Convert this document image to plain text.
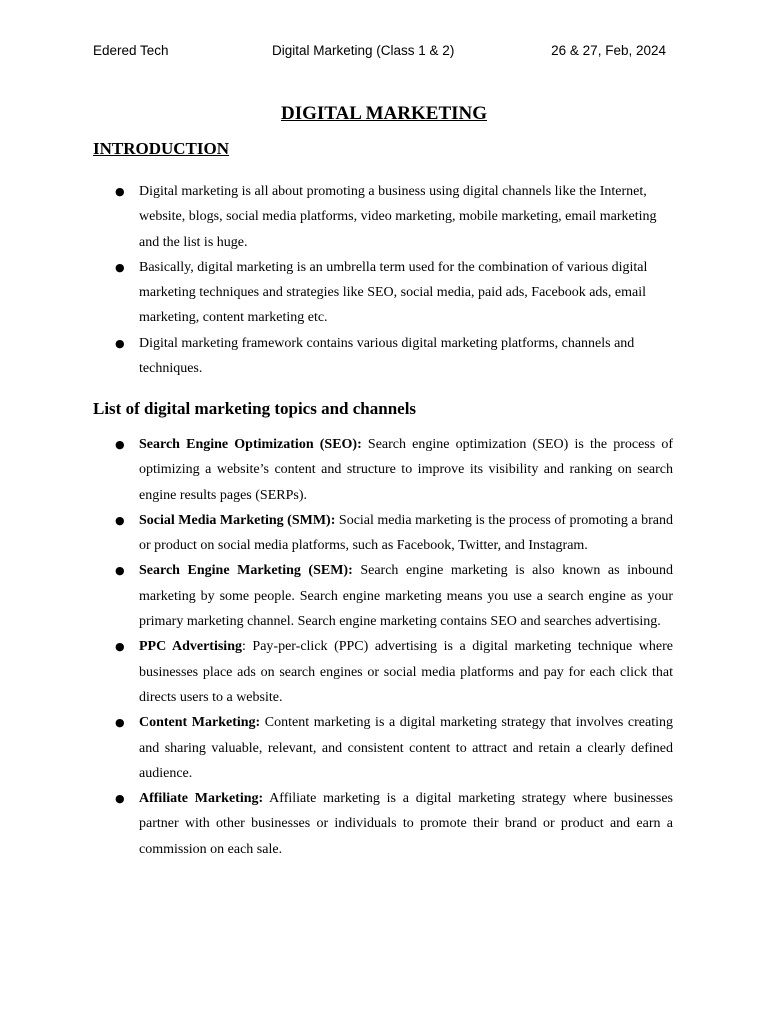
Edered Tech	Digital Marketing (Class 1 & 2)	26 & 27, Feb, 2024
DIGITAL MARKETING
INTRODUCTION
● Digital marketing is all about promoting a business using digital channels like the Internet, website, blogs, social media platforms, video marketing, mobile marketing, email marketing and the list is huge.
● Basically, digital marketing is an umbrella term used for the combination of various digital marketing techniques and strategies like SEO, social media, paid ads, Facebook ads, email marketing, content marketing etc.
● Digital marketing framework contains various digital marketing platforms, channels and techniques.
List of digital marketing topics and channels
● Search Engine Optimization (SEO): Search engine optimization (SEO) is the process of optimizing a website’s content and structure to improve its visibility and ranking on search engine results pages (SERPs).
● Social Media Marketing (SMM): Social media marketing is the process of promoting a brand or product on social media platforms, such as Facebook, Twitter, and Instagram.
● Search Engine Marketing (SEM): Search engine marketing is also known as inbound marketing by some people. Search engine marketing means you use a search engine as your primary marketing channel. Search engine marketing contains SEO and searches advertising.
● PPC Advertising: Pay-per-click (PPC) advertising is a digital marketing technique where businesses place ads on search engines or social media platforms and pay for each click that directs users to a website.
● Content Marketing: Content marketing is a digital marketing strategy that involves creating and sharing valuable, relevant, and consistent content to attract and retain a clearly defined audience.
● Affiliate Marketing: Affiliate marketing is a digital marketing strategy where businesses partner with other businesses or individuals to promote their brand or product and earn a commission on each sale.
